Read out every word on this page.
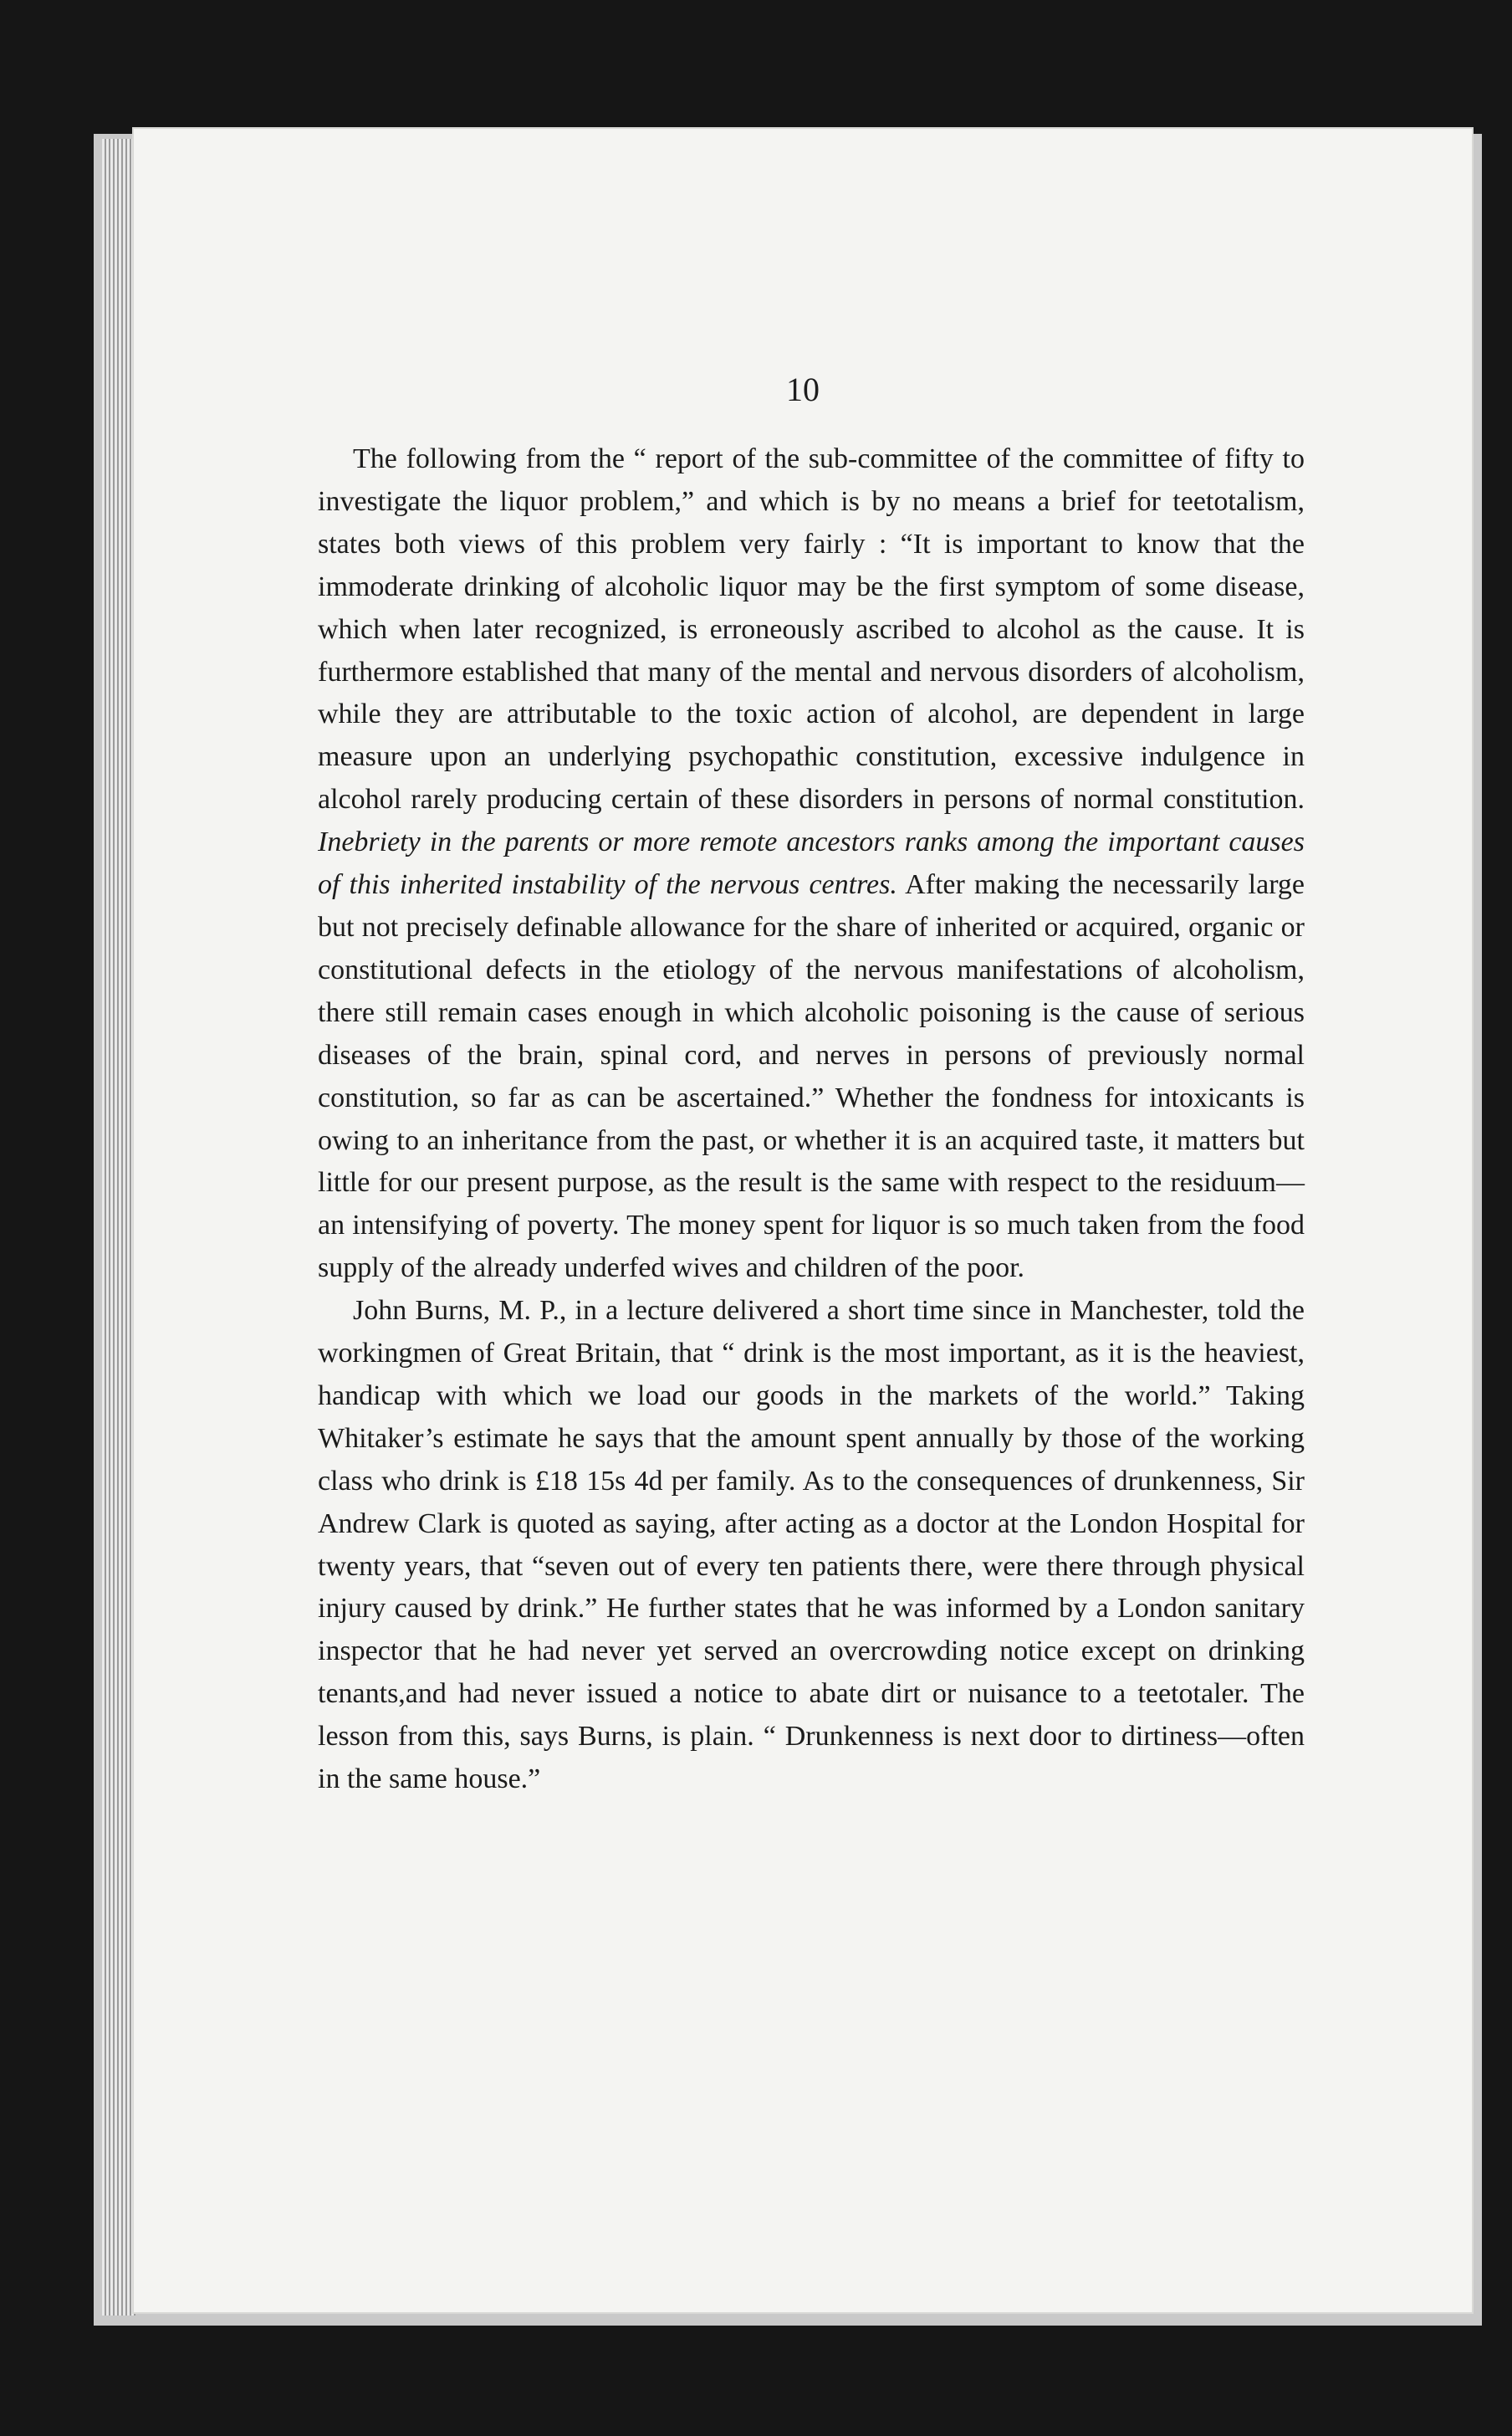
10

The following from the “ report of the sub-committee of the committee of fifty to investigate the liquor problem,” and which is by no means a brief for teetotalism, states both views of this problem very fairly : “It is important to know that the immoderate drinking of alcoholic liquor may be the first symptom of some disease, which when later recognized, is erroneously ascribed to alcohol as the cause. It is furthermore established that many of the mental and nervous disorders of alcoholism, while they are attributable to the toxic action of alcohol, are dependent in large measure upon an underlying psychopathic constitution, excessive indulgence in alcohol rarely producing certain of these disorders in persons of normal constitution. Inebriety in the parents or more remote ancestors ranks among the important causes of this inherited instability of the nervous centres. After making the necessarily large but not precisely definable allowance for the share of inherited or acquired, organic or constitutional defects in the etiology of the nervous manifestations of alcoholism, there still remain cases enough in which alcoholic poisoning is the cause of serious diseases of the brain, spinal cord, and nerves in persons of previously normal constitution, so far as can be ascertained.” Whether the fondness for intoxicants is owing to an inheritance from the past, or whether it is an acquired taste, it matters but little for our present purpose, as the result is the same with respect to the residuum—an intensifying of poverty. The money spent for liquor is so much taken from the food supply of the already underfed wives and children of the poor.

John Burns, M. P., in a lecture delivered a short time since in Manchester, told the workingmen of Great Britain, that “ drink is the most important, as it is the heaviest, handicap with which we load our goods in the markets of the world.” Taking Whitaker’s estimate he says that the amount spent annually by those of the working class who drink is £18 15s 4d per family. As to the consequences of drunkenness, Sir Andrew Clark is quoted as saying, after acting as a doctor at the London Hospital for twenty years, that “seven out of every ten patients there, were there through physical injury caused by drink.” He further states that he was informed by a London sanitary inspector that he had never yet served an overcrowding notice except on drinking tenants,and had never issued a notice to abate dirt or nuisance to a teetotaler. The lesson from this, says Burns, is plain. “ Drunkenness is next door to dirtiness—often in the same house.”
